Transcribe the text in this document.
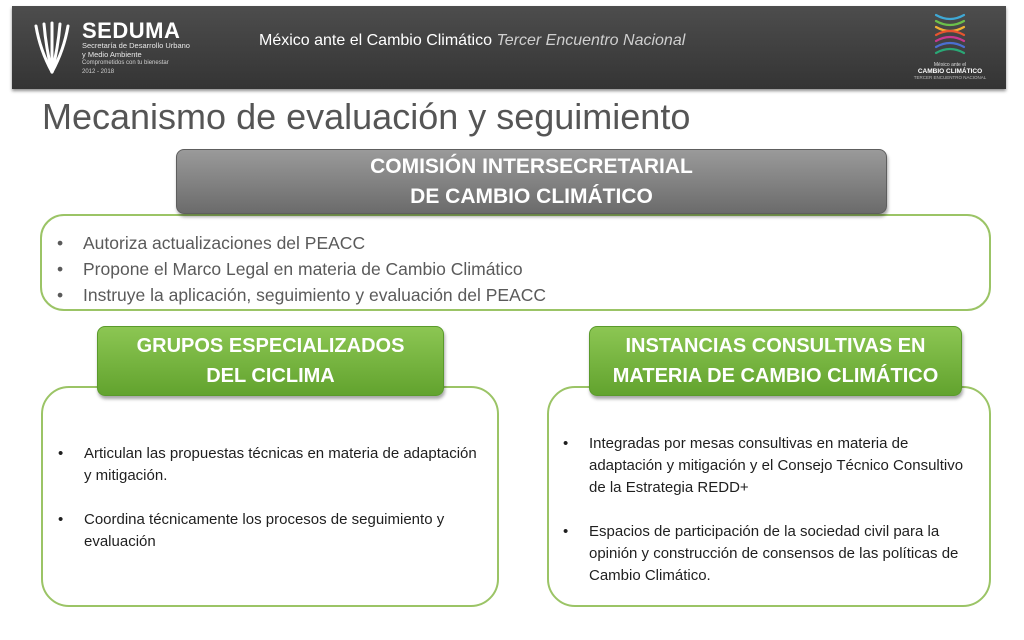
SEDUMA
Secretaría de Desarrollo Urbano
y Medio Ambiente
Comprometidos con tu bienestar
2012 - 2018
México ante el Cambio Climático Tercer Encuentro Nacional
México ante el
CAMBIO CLIMÁTICO
TERCER ENCUENTRO NACIONAL
Mecanismo de evaluación y seguimiento
• Autoriza actualizaciones del PEACC
• Propone el Marco Legal en materia de Cambio Climático
• Instruye la aplicación, seguimiento y evaluación del PEACC
COMISIÓN INTERSECRETARIAL
DE CAMBIO CLIMÁTICO
• Articulan las propuestas técnicas en materia de adaptación y mitigación.
• Coordina técnicamente los procesos de seguimiento y evaluación
GRUPOS ESPECIALIZADOS
DEL CICLIMA
• Integradas por mesas consultivas en materia de adaptación y mitigación y el Consejo Técnico Consultivo de la Estrategia REDD+
• Espacios de participación de la sociedad civil para la opinión y construcción de consensos de las políticas de Cambio Climático.
INSTANCIAS CONSULTIVAS EN
MATERIA DE CAMBIO CLIMÁTICO
